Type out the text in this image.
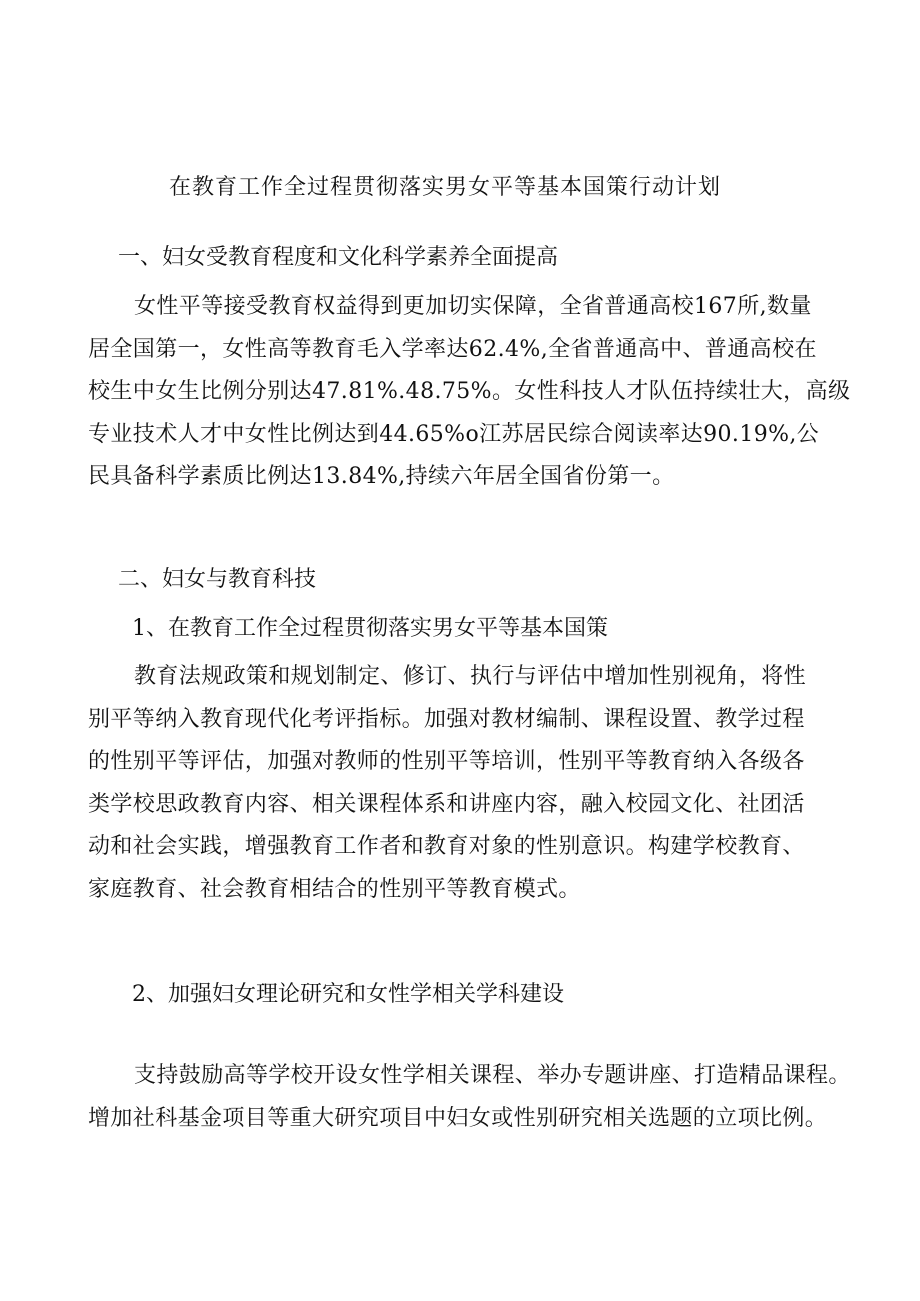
在教育工作全过程贯彻落实男女平等基本国策行动计划
一、妇女受教育程度和文化科学素养全面提高
女性平等接受教育权益得到更加切实保障，全省普通高校167所,数量
居全国第一，女性高等教育毛入学率达62.4%,全省普通高中、普通高校在
校生中女生比例分别达47.81%.48.75%。女性科技人才队伍持续壮大，高级
专业技术人才中女性比例达到44.65%o江苏居民综合阅读率达90.19%,公
民具备科学素质比例达13.84%,持续六年居全国省份第一。
二、妇女与教育科技
1、在教育工作全过程贯彻落实男女平等基本国策
教育法规政策和规划制定、修订、执行与评估中增加性别视角，将性
别平等纳入教育现代化考评指标。加强对教材编制、课程设置、教学过程
的性别平等评估，加强对教师的性别平等培训，性别平等教育纳入各级各
类学校思政教育内容、相关课程体系和讲座内容，融入校园文化、社团活
动和社会实践，增强教育工作者和教育对象的性别意识。构建学校教育、
家庭教育、社会教育相结合的性别平等教育模式。
2、加强妇女理论研究和女性学相关学科建设
支持鼓励高等学校开设女性学相关课程、举办专题讲座、打造精品课程。
增加社科基金项目等重大研究项目中妇女或性别研究相关选题的立项比例。
